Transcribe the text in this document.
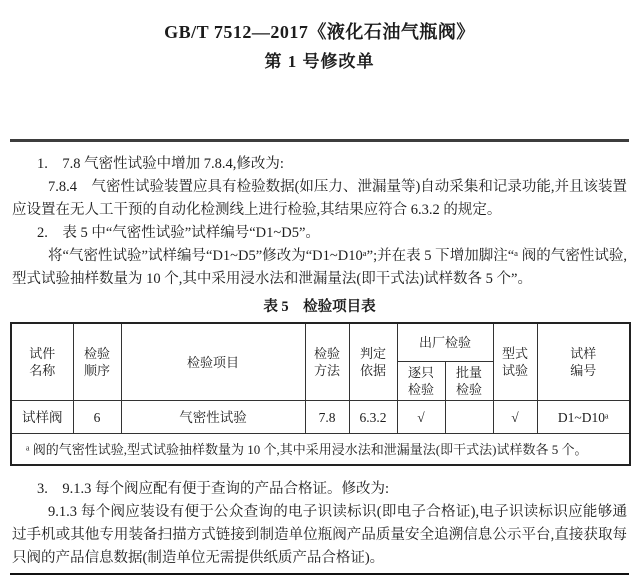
GB/T 7512—2017《液化石油气瓶阀》
第 1 号修改单

1.　7.8 气密性试验中增加 7.8.4,修改为:

7.8.4　气密性试验装置应具有检验数据(如压力、泄漏量等)自动采集和记录功能,并且该装置应设置在无人工干预的自动化检测线上进行检验,其结果应符合 6.3.2 的规定。

2.　表 5 中“气密性试验”试样编号“D1~D5”。

将“气密性试验”试样编号“D1~D5”修改为“D1~D10ᵃ”;并在表 5 下增加脚注“ᵃ 阀的气密性试验,型式试验抽样数量为 10 个,其中采用浸水法和泄漏量法(即干式法)试样数各 5 个”。

表 5　检验项目表

试件名称	检验顺序	检验项目	检验方法	判定依据	出厂检验		型式试验	试样编号
					逐只检验	批量检验		
试样阀	6	气密性试验	7.8	6.3.2	√		√	D1~D10ᵃ
ᵃ 阀的气密性试验,型式试验抽样数量为 10 个,其中采用浸水法和泄漏量法(即干式法)试样数各 5 个。								

3.　9.1.3 每个阀应配有便于查询的产品合格证。修改为:

9.1.3 每个阀应装设有便于公众查询的电子识读标识(即电子合格证),电子识读标识应能够通过手机或其他专用装备扫描方式链接到制造单位瓶阀产品质量安全追溯信息公示平台,直接获取每只阀的产品信息数据(制造单位无需提供纸质产品合格证)。
